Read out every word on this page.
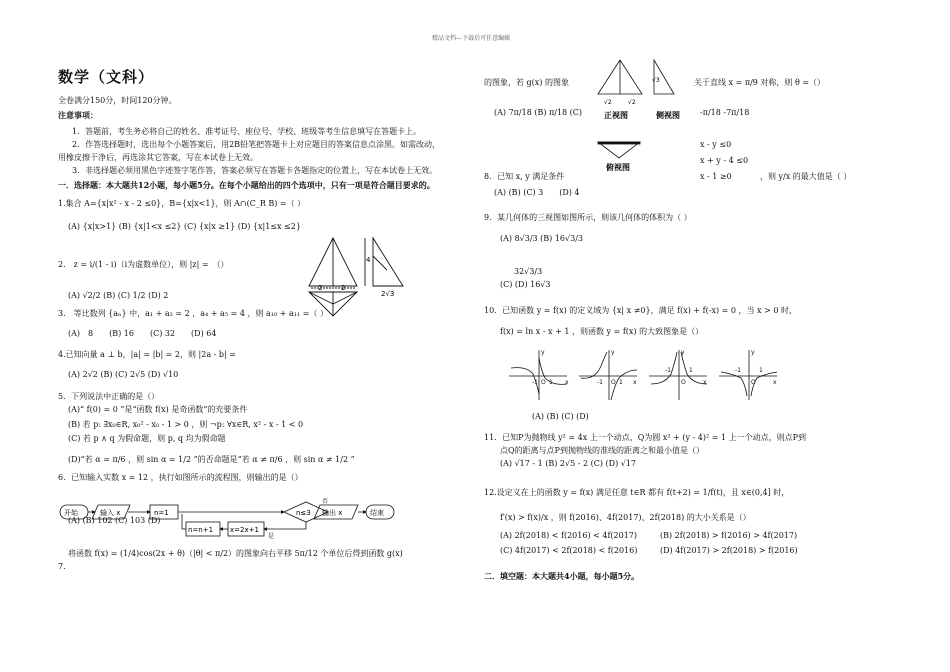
精品文档---下载后可任意编辑
数学（文科）
全卷满分150分，时间120分钟。
注意事项：
1．答题前，考生务必将自己的姓名、准考证号、座位号、学校、班级等考生信息填写在答题卡上。
2．作答选择题时，选出每个小题答案后，用2B铅笔把答题卡上对应题目的答案信息点涂黑。如需改动，
用橡皮擦干净后，再选涂其它答案，写在本试卷上无效。
3．非选择题必须用黑色字迹签字笔作答，答案必须写在答题卡各题指定的位置上，写在本试卷上无效。
一．选择题：本大题共12小题，每小题5分。在每个小题给出的四个选项中，只有一项是符合题目要求的。
1.集合 A={x|x² - x - 2 ≤0}，B={x|x<1}，则 A∩(C_R B) =（ ）
(A) {x|x>1} (B) {x|1<x ≤2} (C) {x|x ≥1} (D) {x|1≤x ≤2}
2.　z = i/(1 - i)（i为虚数单位），则 |z| =　（）
(A) √2/2 (B) (C) 1/2 (D) 2
3.　等比数列 {aₙ} 中，a₁ + a₂ = 2 ，a₄ + a₅ = 4 ，则 a₁₀ + a₁₁ =（ ）
(A)　8　　(B) 16　　(C) 32　　(D) 64
4.已知向量 a ⊥ b，|a| = |b| = 2，则 |2a - b| =
(A) 2√2 (B) (C) 2√5 (D) √10
5．下列说法中正确的是（）
(A)“ f(0) = 0 ”是“函数 f(x) 是奇函数”的充要条件
(B) 若 p: ∃x₀∈R, x₀² - x₀ - 1 > 0 ，则 ¬p: ∀x∈R, x² - x - 1 < 0
(C) 若 p ∧ q 为假命题，则 p, q 均为假命题
(D)“若 α = π/6 ，则 sin α = 1/2 ”的否命题是“若 α ≠ π/6 ，则 sin α ≠ 1/2 ”
6．已知输入实数 x = 12 ，执行如图所示的流程图，则输出的是（）
(A) (B) 102 (C) 103 (D)
开始	输入 x	n=1	n≤3
否
是
输出 x	结束
n=n+1 x=2x+1
7．
将函数 f(x) = (1/4)cos(2x + θ)（|θ| < π/2）的图象向右平移 5π/12 个单位后得到函数 g(x)
2	2
4
2√3
的图象，若 g(x) 的图象	关于直线 x = π/9 对称，则 θ =（）
(A) 7π/18 (B) π/18 (C)	-π/18 -7π/18
√2	√2
√3
正视图	侧视图
俯视图
8．已知 x, y 满足条件
(A) (B) (C) 3　　(D) 4
x - y ≤0
x + y - 4 ≤0
x - 1 ≥0	，则 y/x 的最大值是（ ）
9．某几何体的三视图如图所示，则该几何体的体积为（ ）
(A) 8√3/3 (B) 16√3/3
32√3/3
(C) (D) 16√3
10．已知函数 y = f(x) 的定义域为 {x| x ≠0}，满足 f(x) + f(-x) = 0 ，当 x > 0 时，
f(x) = ln x - x + 1 ，则函数 y = f(x) 的大致图象是（）
-1 O 1 x
y
-1 O 1 x
y
-1
O
1
x
y
-1
O
1
x
y
(A) (B) (C) (D)
11．已知P为抛物线 y² = 4x 上一个动点，Q为圆 x² + (y - 4)² = 1 上一个动点，则点P到
点Q的距离与点P到抛物线的准线的距离之和最小值是（）
(A) √17 - 1 (B) 2√5 - 2 (C) (D) √17
12.设定义在上的函数 y = f(x) 满足任意 t∈R 都有 f(t+2) = 1/f(t)，且 x∈(0,4] 时，
f′(x) > f(x)/x ，则 f(2016)、4f(2017)、2f(2018) 的大小关系是（）
(A) 2f(2018) < f(2016) < 4f(2017)	(B) 2f(2018) > f(2016) > 4f(2017)
(C) 4f(2017) < 2f(2018) < f(2016)	(D) 4f(2017) > 2f(2018) > f(2016)
二．填空题：本大题共4小题，每小题5分。
